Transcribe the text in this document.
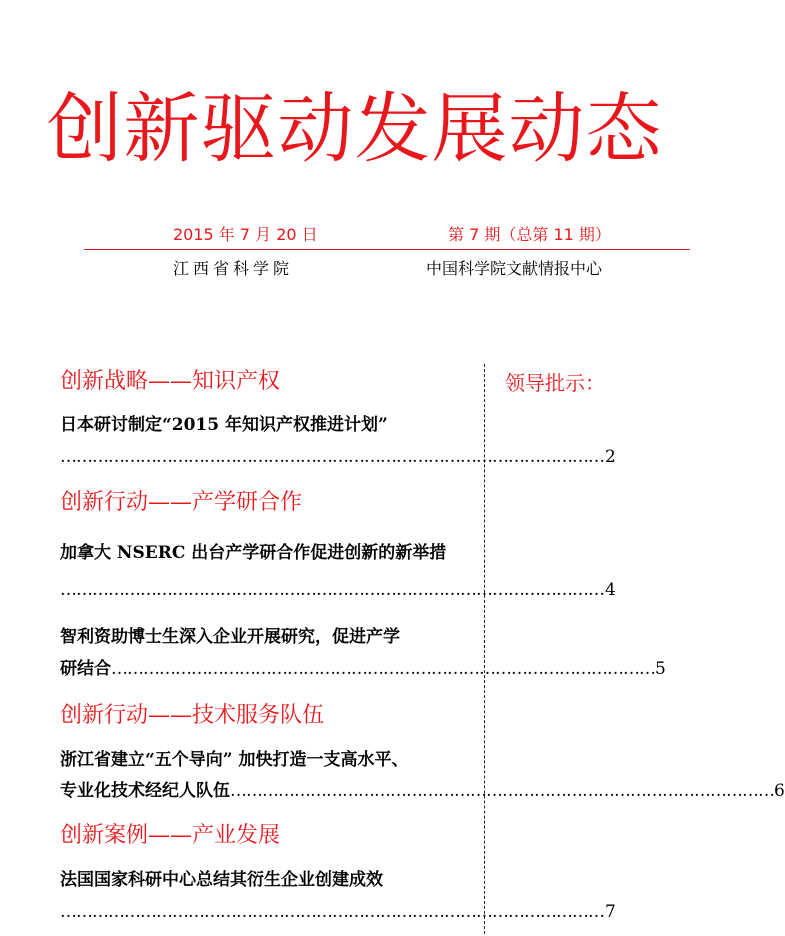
创新驱动发展动态
2015 年 7 月 20 日	第 7 期（总第 11 期）
江西省科学院	中国科学院文献情报中心
领导批示：
创新战略——知识产权
日本研讨制定“2015 年知识产权推进计划”
………………………………………………………………………………………… 2
创新行动——产学研合作
加拿大 NSERC 出台产学研合作促进创新的新举措
………………………………………………………………………………………… 4
智利资助博士生深入企业开展研究，促进产学
研结合 ………………………………………………………………………………………… 5
创新行动——技术服务队伍
浙江省建立“五个导向” 加快打造一支高水平、
专业化技术经纪人队伍 ………………………………………………………………………………………… 6
创新案例——产业发展
法国国家科研中心总结其衍生企业创建成效
………………………………………………………………………………………… 7
